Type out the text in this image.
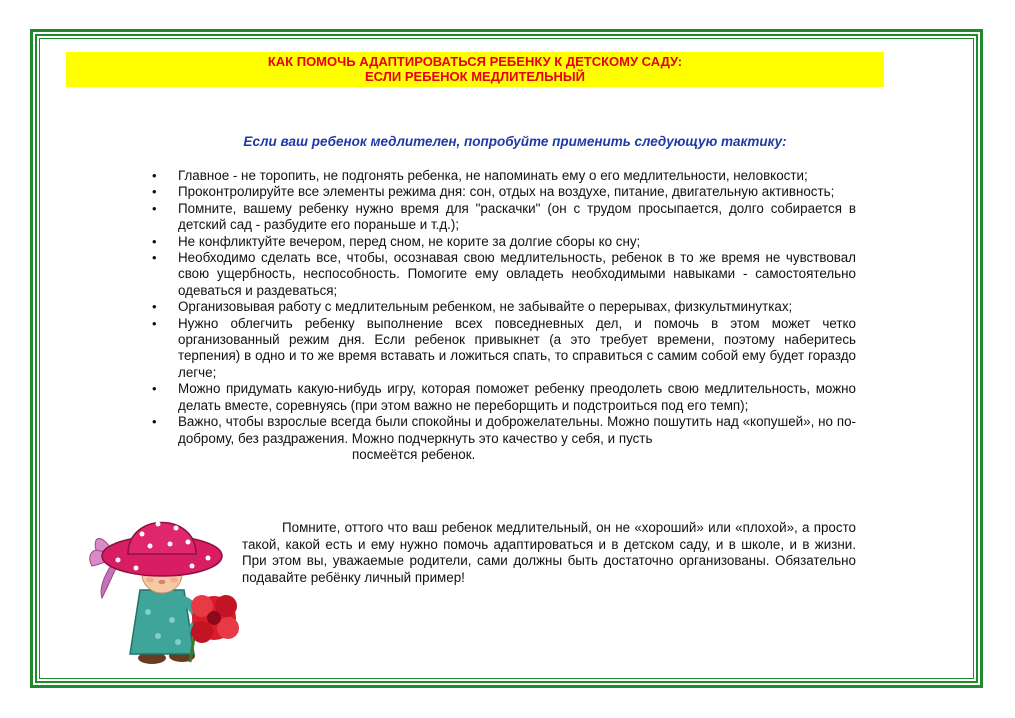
КАК ПОМОЧЬ АДАПТИРОВАТЬСЯ РЕБЕНКУ К ДЕТСКОМУ САДУ:
ЕСЛИ РЕБЕНОК МЕДЛИТЕЛЬНЫЙ
Если ваш ребенок медлителен, попробуйте применить следующую тактику:
• Главное - не торопить, не подгонять ребенка, не напоминать ему о его медлительности, неловкости;
• Проконтролируйте все элементы режима дня: сон, отдых на воздухе, питание, двигательную активность;
• Помните, вашему ребенку нужно время для "раскачки" (он с трудом просыпается, долго собирается в детский сад - разбудите его пораньше и т.д.);
• Не конфликтуйте вечером, перед сном, не корите за долгие сборы ко сну;
• Необходимо сделать все, чтобы, осознавая свою медлительность, ребенок в то же время не чувствовал свою ущербность, неспособность. Помогите ему овладеть необходимыми навыками - самостоятельно одеваться и раздеваться;
• Организовывая работу с медлительным ребенком, не забывайте о перерывах, физкультминутках;
• Нужно облегчить ребенку выполнение всех повседневных дел, и помочь в этом может четко организованный режим дня. Если ребенок привыкнет (а это требует времени, поэтому наберитесь терпения) в одно и то же время вставать и ложиться спать, то справиться с самим собой ему будет гораздо легче;
• Можно придумать какую-нибудь игру, которая поможет ребенку преодолеть свою медлительность, можно делать вместе, соревнуясь (при этом важно не переборщить и подстроиться под его темп);
• Важно, чтобы взрослые всегда были спокойны и доброжелательны. Можно пошутить над «копушей», но по-доброму, без раздражения. Можно подчеркнуть это качество у себя, и пусть
посмеётся ребенок.
Помните, оттого что ваш ребенок медлительный, он не «хороший» или «плохой», а просто такой, какой есть и ему нужно помочь адаптироваться и в детском саду, и в школе, и в жизни. При этом вы, уважаемые родители, сами должны быть достаточно организованы. Обязательно подавайте ребёнку личный пример!
